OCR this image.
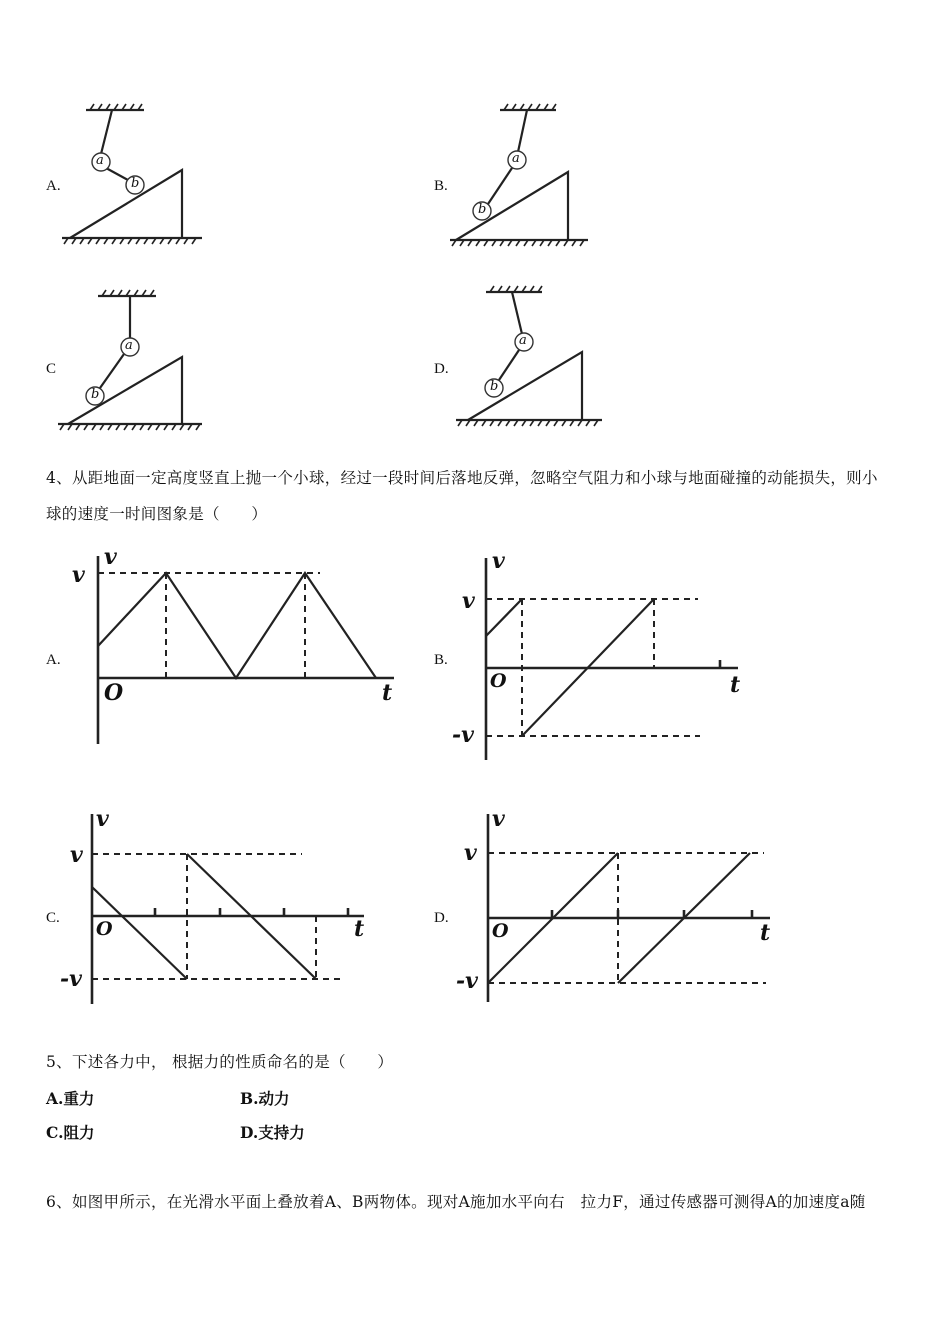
A.
a
b	B.
a
b
C
a
b
D.
a
b
4、从距地面一定高度竖直上抛一个小球，经过一段时间后落地反弹，忽略空气阻力和小球与地面碰撞的动能损失，则小
球的速度一时间图象是（　　）
A.
v
v
O	t
B.
v
v
-v
O	t
C.
v
v
-v
O	t	D.
v
v
-v
O	t
5、下述各力中， 根据力的性质命名的是（　　）
A.重力	B.动力
C.阻力	D.支持力
6、如图甲所示，在光滑水平面上叠放着A、B两物体。现对A施加水平向右　拉力F，通过传感器可测得A的加速度a随
